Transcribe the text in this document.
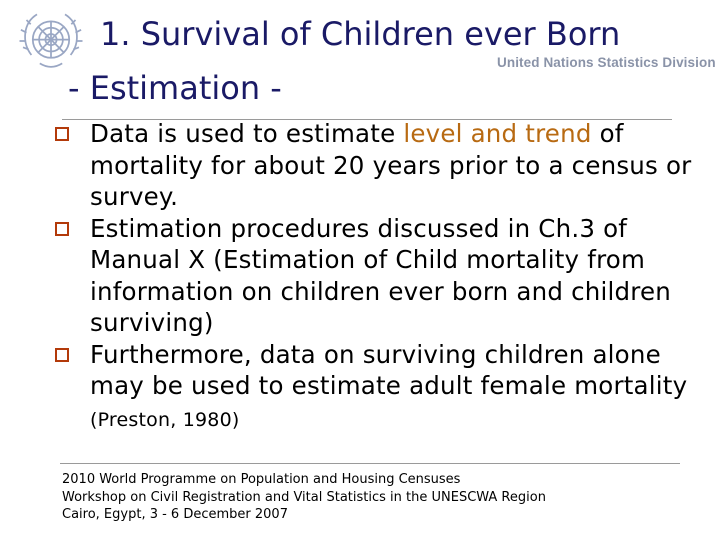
1. Survival of Children ever Born
- Estimation -
United Nations Statistics Division
Data is used to estimate level and trend of mortality for about 20 years prior to a census or survey.
Estimation procedures discussed in Ch.3 of Manual X (Estimation of Child mortality from information on children ever born and children surviving)
Furthermore, data on surviving children alone may be used to estimate adult female mortality (Preston, 1980)
2010 World Programme on Population and Housing Censuses
Workshop on Civil Registration and Vital Statistics in the UNESCWA Region
Cairo, Egypt, 3 - 6 December 2007
